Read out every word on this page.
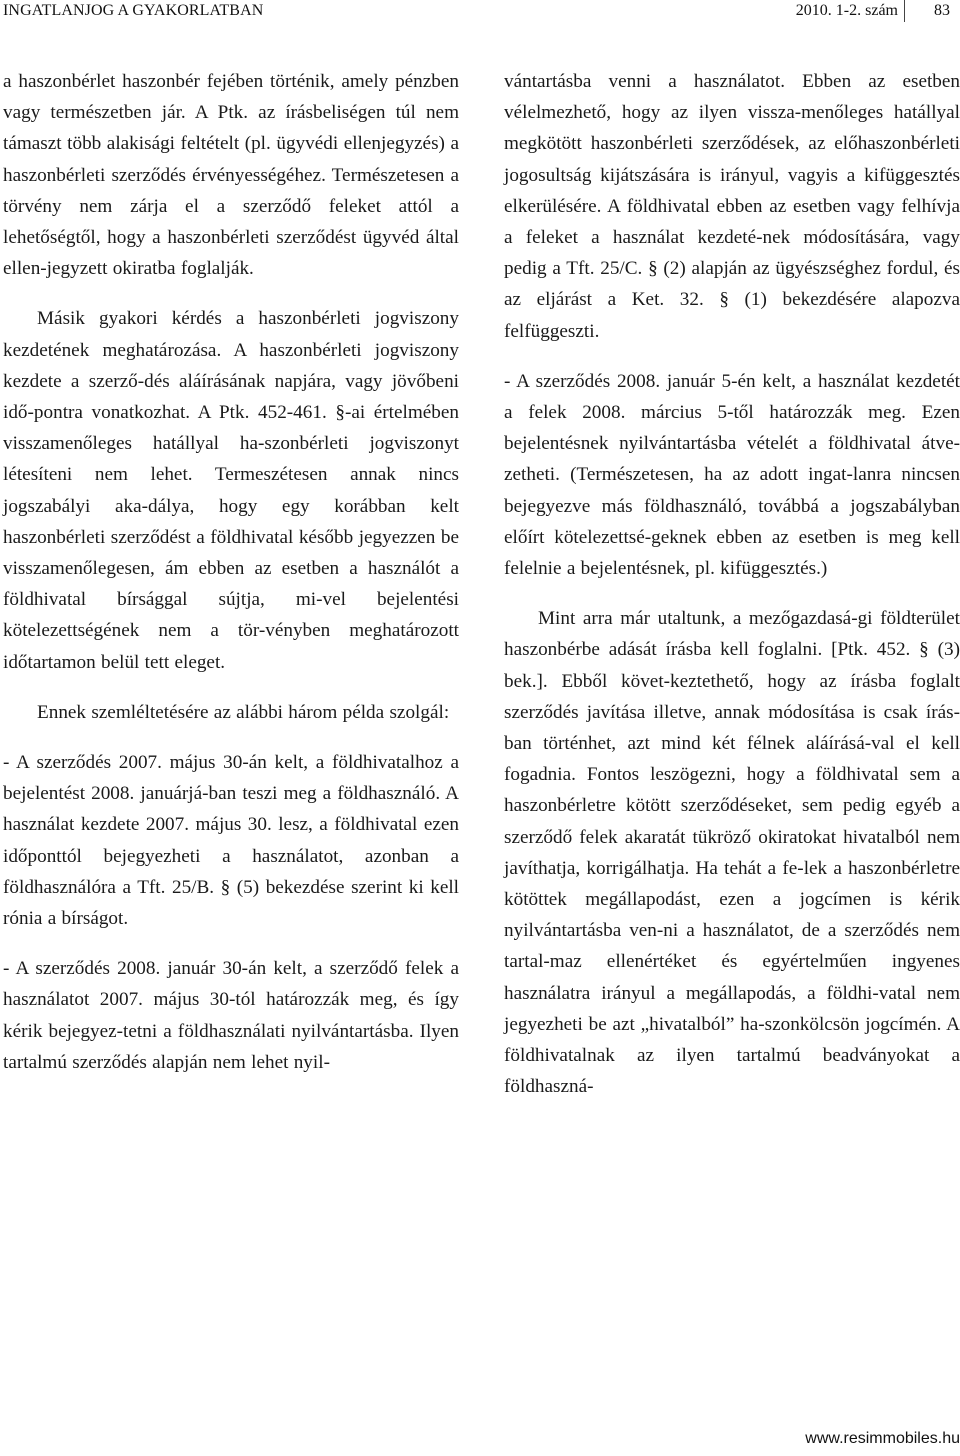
INGATLANJOG A GYAKORLATBAN	2010. 1-2. szám 83

a haszonbérlet haszonbér fejében történik, amely pénzben vagy természetben jár. A Ptk. az írásbeliségen túl nem támaszt több alakisági feltételt (pl. ügyvédi ellenjegyzés) a haszonbérleti szerződés érvényességéhez. Természetesen a törvény nem zárja el a szerződő feleket attól a lehetőségtől, hogy a haszonbérleti szerződést ügyvéd által ellen-jegyzett okiratba foglalják.

Másik gyakori kérdés a haszonbérleti jogviszony kezdetének meghatározása. A haszonbérleti jogviszony kezdete a szerző-dés aláírásának napjára, vagy jövőbeni idő-pontra vonatkozhat. A Ptk. 452-461. §-ai értelmében visszamenőleges hatállyal ha-szonbérleti jogviszonyt létesíteni nem lehet. Termeszétesen annak nincs jogszabályi aka-dálya, hogy egy korábban kelt haszonbérleti szerződést a földhivatal később jegyezzen be visszamenőlegesen, ám ebben az esetben a használót a földhivatal bírsággal sújtja, mi-vel bejelentési kötelezettségének nem a tör-vényben meghatározott időtartamon belül tett eleget.

Ennek szemléltetésére az alábbi három példa szolgál:

- A szerződés 2007. május 30-án kelt, a földhivatalhoz a bejelentést 2008. januárjá-ban teszi meg a földhasználó. A használat kezdete 2007. május 30. lesz, a földhivatal ezen időponttól bejegyezheti a használatot, azonban a földhasználóra a Tft. 25/B. § (5) bekezdése szerint ki kell rónia a bírságot.

- A szerződés 2008. január 30-án kelt, a szerződő felek a használatot 2007. május 30-tól határozzák meg, és így kérik bejegyez-tetni a földhasználati nyilvántartásba. Ilyen tartalmú szerződés alapján nem lehet nyil-

vántartásba venni a használatot. Ebben az esetben vélelmezhető, hogy az ilyen vissza-menőleges hatállyal megkötött haszonbérleti szerződések, az előhaszonbérleti jogosultság kijátszására is irányul, vagyis a kifüggesztés elkerülésére. A földhivatal ebben az esetben vagy felhívja a feleket a használat kezdeté-nek módosítására, vagy pedig a Tft. 25/C. § (2) alapján az ügyészséghez fordul, és az eljárást a Ket. 32. § (1) bekezdésére alapozva felfüggeszti.

- A szerződés 2008. január 5-én kelt, a használat kezdetét a felek 2008. március 5-től határozzák meg. Ezen bejelentésnek nyilvántartásba vételét a földhivatal átve-zetheti. (Természetesen, ha az adott ingat-lanra nincsen bejegyezve más földhasználó, továbbá a jogszabályban előírt kötelezettsé-geknek ebben az esetben is meg kell felelnie a bejelentésnek, pl. kifüggesztés.)

Mint arra már utaltunk, a mezőgazdasá-gi földterület haszonbérbe adását írásba kell foglalni. [Ptk. 452. § (3) bek.]. Ebből követ-keztethető, hogy az írásba foglalt szerződés javítása illetve, annak módosítása is csak írás-ban történhet, azt mind két félnek aláírásá-val el kell fogadnia. Fontos leszögezni, hogy a földhivatal sem a haszonbérletre kötött szerződéseket, sem pedig egyéb a szerződő felek akaratát tükröző okiratokat hivatalból nem javíthatja, korrigálhatja. Ha tehát a fe-lek a haszonbérletre kötöttek megállapodást, ezen a jogcímen is kérik nyilvántartásba ven-ni a használatot, de a szerződés nem tartal-maz ellenértéket és egyértelműen ingyenes használatra irányul a megállapodás, a földhi-vatal nem jegyezheti be azt „hivatalból” ha-szonkölcsön jogcímén. A földhivatalnak az ilyen tartalmú beadványokat a földhaszná-

www.resimmobiles.hu
